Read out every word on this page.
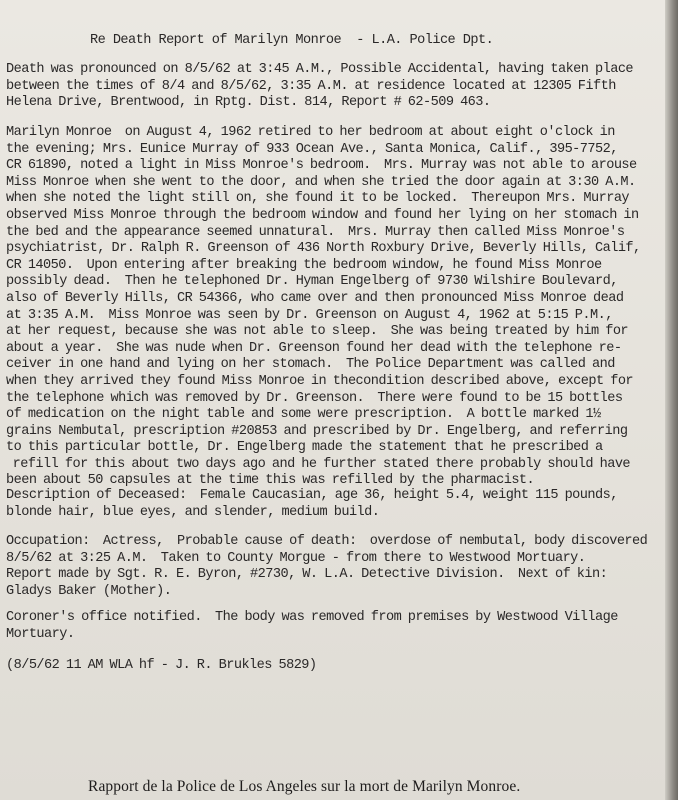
Re Death Report of Marilyn Monroe  - L.A. Police Dpt.
Death was pronounced on 8/5/62 at 3:45 A.M., Possible Accidental, having taken place
between the times of 8/4 and 8/5/62, 3:35 A.M. at residence located at 12305 Fifth
Helena Drive, Brentwood, in Rptg. Dist. 814, Report # 62-509 463.
Marilyn Monroe  on August 4, 1962 retired to her bedroom at about eight o'clock in
the evening; Mrs. Eunice Murray of 933 Ocean Ave., Santa Monica, Calif., 395-7752,
CR 61890, noted a light in Miss Monroe's bedroom.  Mrs. Murray was not able to arouse
Miss Monroe when she went to the door, and when she tried the door again at 3:30 A.M.
when she noted the light still on, she found it to be locked.  Thereupon Mrs. Murray
observed Miss Monroe through the bedroom window and found her lying on her stomach in
the bed and the appearance seemed unnatural.  Mrs. Murray then called Miss Monroe's
psychiatrist, Dr. Ralph R. Greenson of 436 North Roxbury Drive, Beverly Hills, Calif,
CR 14050.  Upon entering after breaking the bedroom window, he found Miss Monroe
possibly dead.  Then he telephoned Dr. Hyman Engelberg of 9730 Wilshire Boulevard,
also of Beverly Hills, CR 54366, who came over and then pronounced Miss Monroe dead
at 3:35 A.M.  Miss Monroe was seen by Dr. Greenson on August 4, 1962 at 5:15 P.M.,
at her request, because she was not able to sleep.  She was being treated by him for
about a year.  She was nude when Dr. Greenson found her dead with the telephone re-
ceiver in one hand and lying on her stomach.  The Police Department was called and
when they arrived they found Miss Monroe in thecondition described above, except for
the telephone which was removed by Dr. Greenson.  There were found to be 15 bottles
of medication on the night table and some were prescription.  A bottle marked 1½
grains Nembutal, prescription #20853 and prescribed by Dr. Engelberg, and referring
to this particular bottle, Dr. Engelberg made the statement that he prescribed a
refill for this about two days ago and he further stated there probably should have
been about 50 capsules at the time this was refilled by the pharmacist.
Description of Deceased:  Female Caucasian, age 36, height 5.4, weight 115 pounds,
blonde hair, blue eyes, and slender, medium build.
Occupation:  Actress,  Probable cause of death:  overdose of nembutal, body discovered
8/5/62 at 3:25 A.M.  Taken to County Morgue - from there to Westwood Mortuary.
Report made by Sgt. R. E. Byron, #2730, W. L.A. Detective Division.  Next of kin:
Gladys Baker (Mother).
Coroner's office notified.  The body was removed from premises by Westwood Village
Mortuary.
(8/5/62 11 AM WLA hf - J. R. Brukles 5829)
Rapport de la Police de Los Angeles sur la mort de Marilyn Monroe.
